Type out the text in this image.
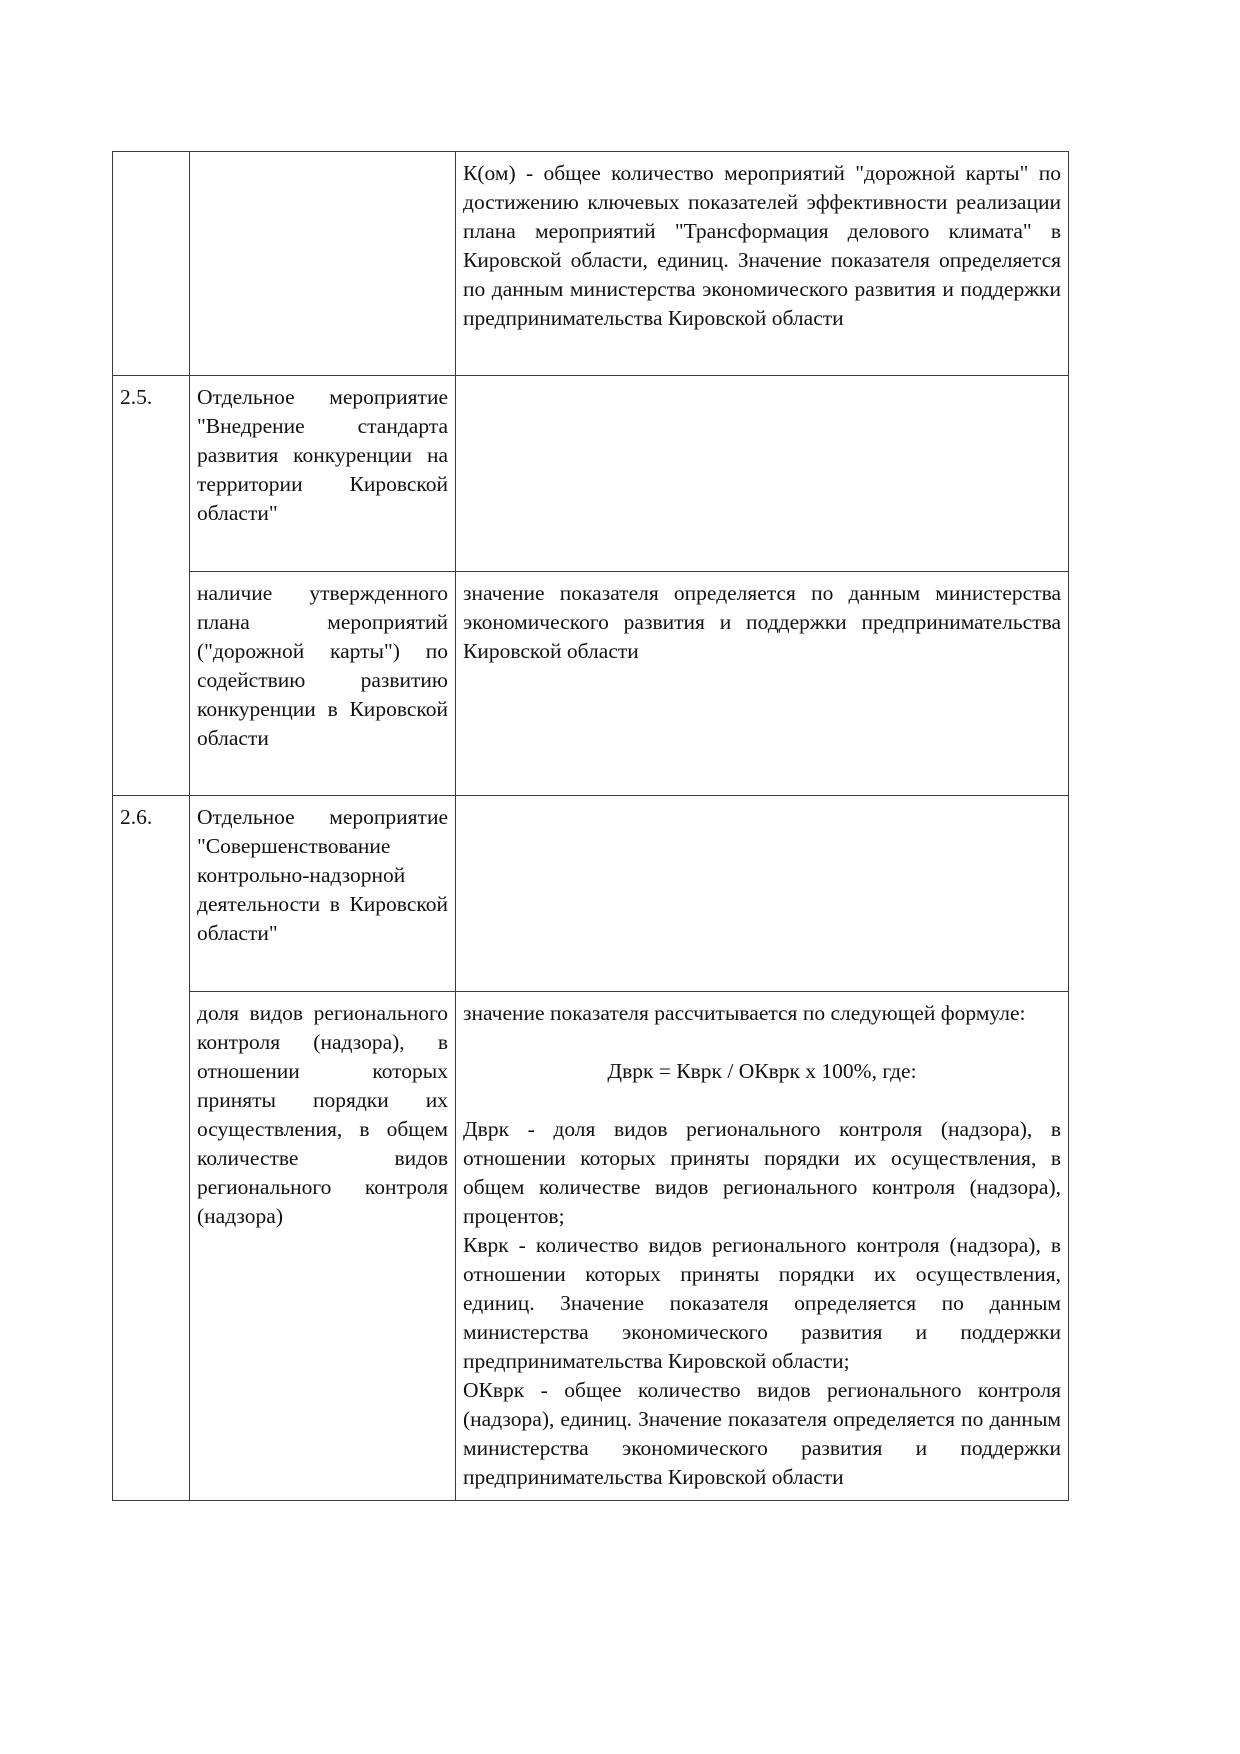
		К(ом) - общее количество мероприятий "дорожной карты" по достижению ключевых показателей эффективности реализации плана мероприятий "Трансформация делового климата" в Кировской области, единиц. Значение показателя определяется по данным министерства экономического развития и поддержки предпринимательства Кировской области
2.5.	Отдельное мероприятие "Внедрение стандарта развития конкуренции на территории Кировской области"	
	наличие утвержденного плана мероприятий ("дорожной карты") по содействию развитию конкуренции в Кировской области	значение показателя определяется по данным министерства экономического развития и поддержки предпринимательства Кировской области
2.6.	Отдельное мероприятие "Совершенствование контрольно-надзорной деятельности в Кировской области"	
	доля видов регионального контроля (надзора), в отношении которых приняты порядки их осуществления, в общем количестве видов регионального контроля (надзора)	значение показателя рассчитывается по следующей формуле:
Дврк = Кврк / ОКврк x 100%, где:
Дврк - доля видов регионального контроля (надзора), в отношении которых приняты порядки их осуществления, в общем количестве видов регионального контроля (надзора), процентов;
Кврк - количество видов регионального контроля (надзора), в отношении которых приняты порядки их осуществления, единиц. Значение показателя определяется по данным министерства экономического развития и поддержки предпринимательства Кировской области;
ОКврк - общее количество видов регионального контроля (надзора), единиц. Значение показателя определяется по данным министерства экономического развития и поддержки предпринимательства Кировской области
